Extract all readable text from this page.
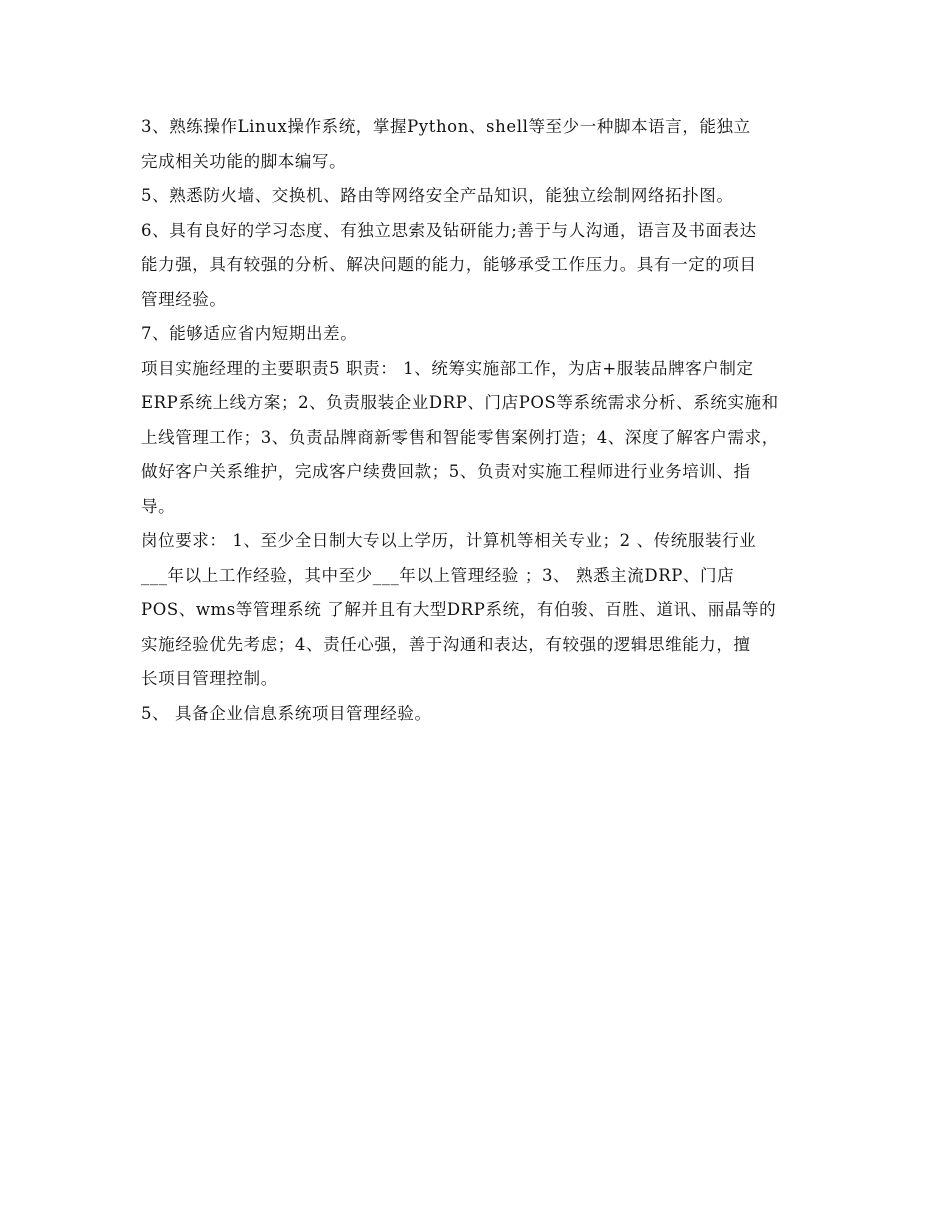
3、熟练操作Linux操作系统，掌握Python、shell等至少一种脚本语言，能独立
完成相关功能的脚本编写。
5、熟悉防火墙、交换机、路由等网络安全产品知识，能独立绘制网络拓扑图。
6、具有良好的学习态度、有独立思索及钻研能力;善于与人沟通，语言及书面表达
能力强，具有较强的分析、解决问题的能力，能够承受工作压力。具有一定的项目
管理经验。
7、能够适应省内短期出差。
项目实施经理的主要职责5 职责： 1、统筹实施部工作，为店+服装品牌客户制定
ERP系统上线方案；2、负责服装企业DRP、门店POS等系统需求分析、系统实施和
上线管理工作；3、负责品牌商新零售和智能零售案例打造；4、深度了解客户需求，
做好客户关系维护，完成客户续费回款；5、负责对实施工程师进行业务培训、指
导。
岗位要求： 1、至少全日制大专以上学历，计算机等相关专业；2 、传统服装行业
___年以上工作经验，其中至少___年以上管理经验 ；3、 熟悉主流DRP、门店
POS、wms等管理系统 了解并且有大型DRP系统，有伯骏、百胜、道讯、丽晶等的
实施经验优先考虑；4、责任心强，善于沟通和表达，有较强的逻辑思维能力，擅
长项目管理控制。
5、 具备企业信息系统项目管理经验。
